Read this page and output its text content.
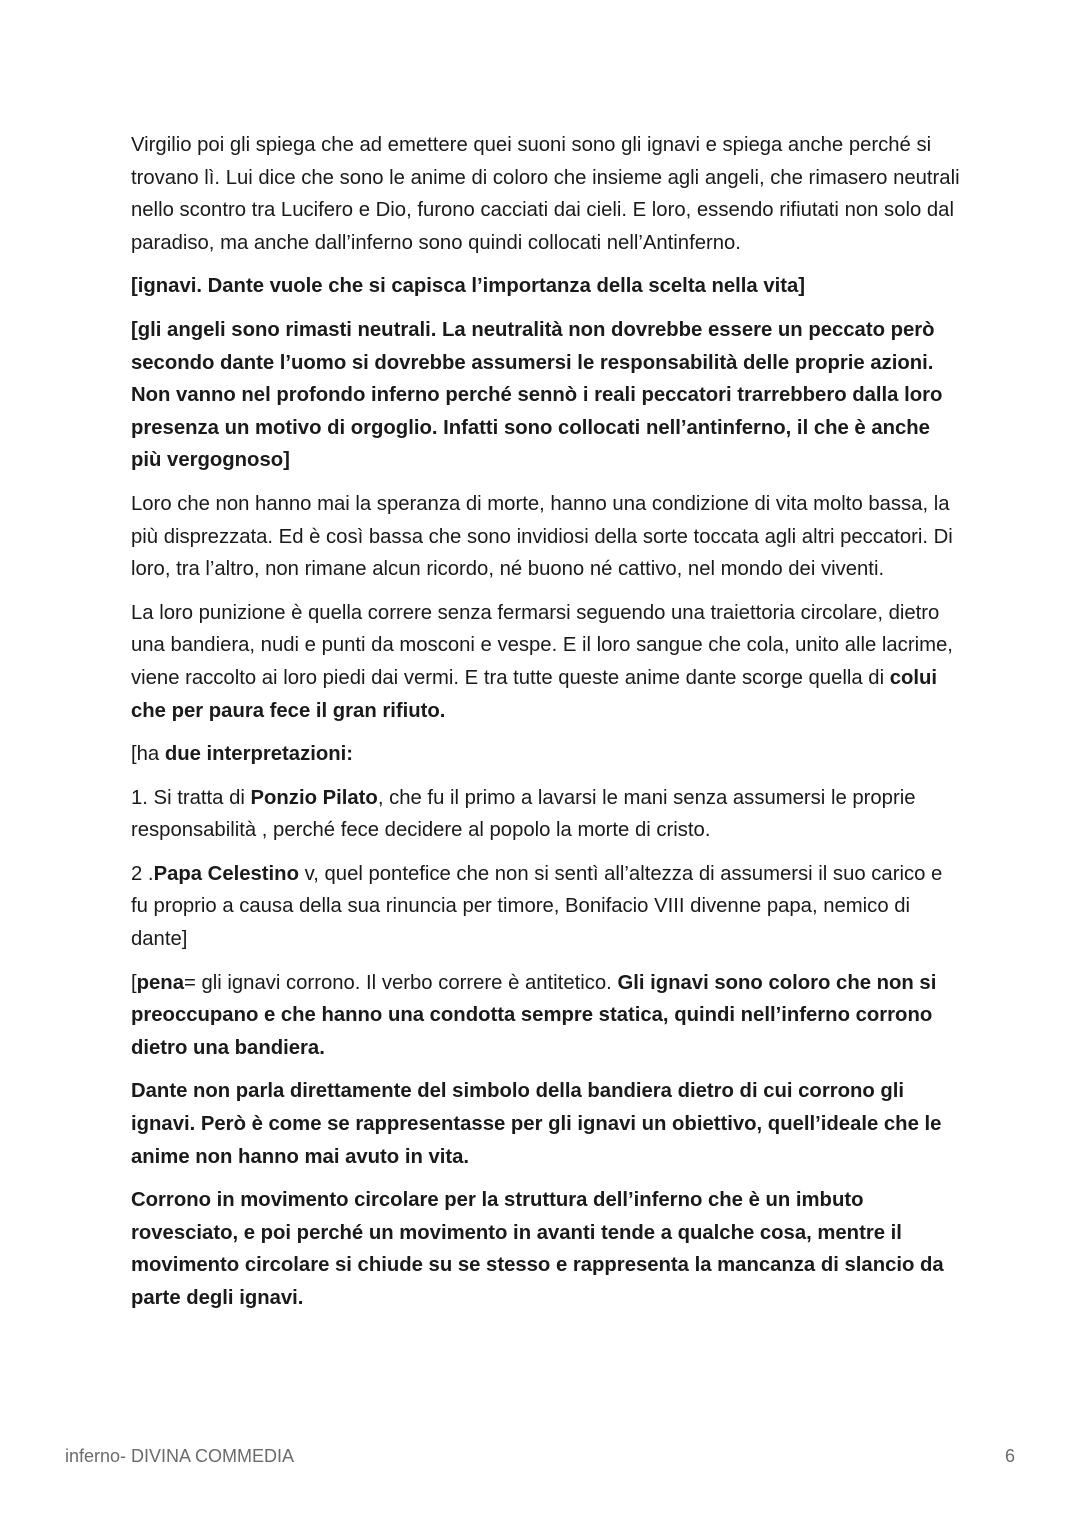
Virgilio poi gli spiega che ad emettere quei suoni sono gli ignavi e spiega anche perché si trovano lì. Lui dice che sono le anime di coloro che insieme agli angeli, che rimasero neutrali nello scontro tra Lucifero e Dio, furono cacciati dai cieli. E loro, essendo rifiutati non solo dal paradiso, ma anche dall’inferno sono quindi collocati nell’Antinferno.

[ignavi. Dante vuole che si capisca l’importanza della scelta nella vita]

[gli angeli sono rimasti neutrali. La neutralità non dovrebbe essere un peccato però secondo dante l’uomo si dovrebbe assumersi le responsabilità delle proprie azioni. Non vanno nel profondo inferno perché sennò i reali peccatori trarrebbero dalla loro presenza un motivo di orgoglio. Infatti sono collocati nell’antinferno, il che è anche più vergognoso]

Loro che non hanno mai la speranza di morte, hanno una condizione di vita molto bassa, la più disprezzata. Ed è così bassa che sono invidiosi della sorte toccata agli altri peccatori. Di loro, tra l’altro, non rimane alcun ricordo, né buono né cattivo, nel mondo dei viventi.

La loro punizione è quella correre senza fermarsi seguendo una traiettoria circolare, dietro una bandiera, nudi e punti da mosconi e vespe. E il loro sangue che cola, unito alle lacrime, viene raccolto ai loro piedi dai vermi. E tra tutte queste anime dante scorge quella di colui che per paura fece il gran rifiuto.

[ha due interpretazioni:

1. Si tratta di Ponzio Pilato, che fu il primo a lavarsi le mani senza assumersi le proprie responsabilità , perché fece decidere al popolo la morte di cristo.

2 .Papa Celestino v, quel pontefice che non si sentì all’altezza di assumersi il suo carico e fu proprio a causa della sua rinuncia per timore, Bonifacio VIII divenne papa, nemico di dante]

[pena= gli ignavi corrono. Il verbo correre è antitetico. Gli ignavi sono coloro che non si preoccupano e che hanno una condotta sempre statica, quindi nell’inferno corrono dietro una bandiera.

Dante non parla direttamente del simbolo della bandiera dietro di cui corrono gli ignavi. Però è come se rappresentasse per gli ignavi un obiettivo, quell’ideale che le anime non hanno mai avuto in vita.

Corrono in movimento circolare per la struttura dell’inferno che è un imbuto rovesciato, e poi perché un movimento in avanti tende a qualche cosa, mentre il movimento circolare si chiude su se stesso e rappresenta la mancanza di slancio da parte degli ignavi.

inferno- DIVINA COMMEDIA	6
